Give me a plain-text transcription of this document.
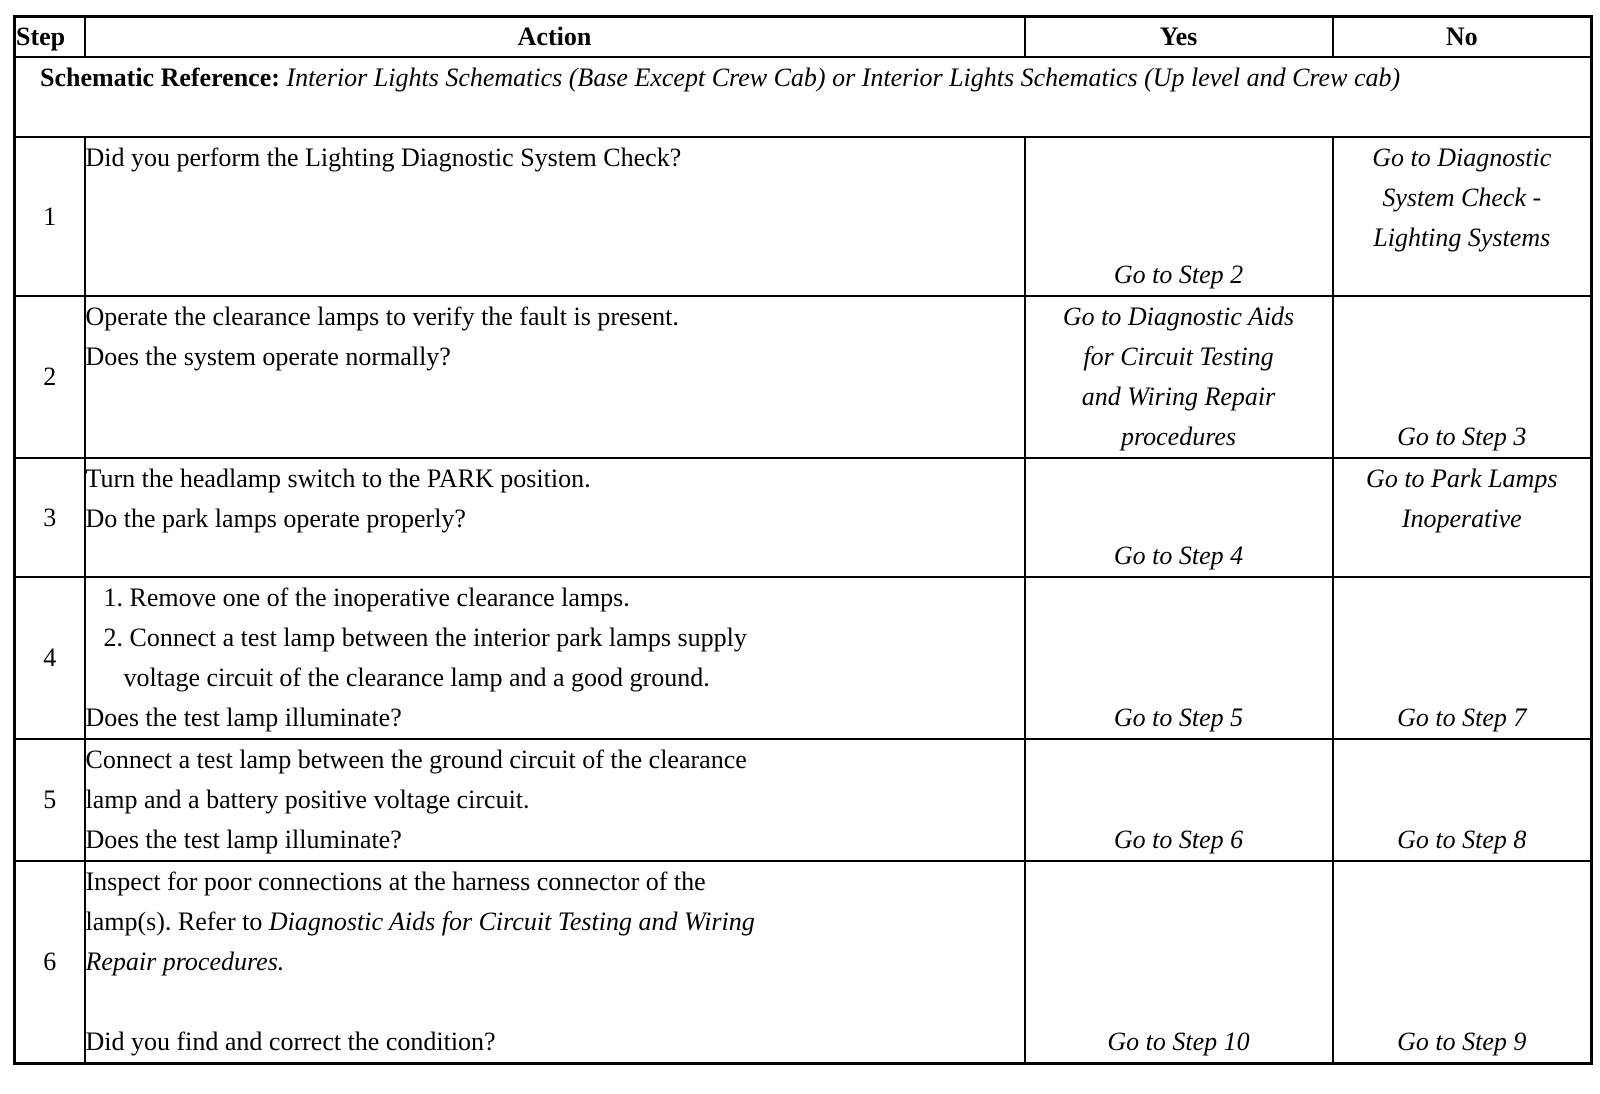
Step	Action	Yes	No
Schematic Reference: Interior Lights Schematics (Base Except Crew Cab) or Interior Lights Schematics (Up level and Crew cab)			
1	Did you perform the Lighting Diagnostic System Check?	Go to Step 2	Go to Diagnostic
System Check -
Lighting Systems

2	Operate the clearance lamps to verify the fault is present.
Does the system operate normally?	Go to Diagnostic Aids
for Circuit Testing
and Wiring Repair
procedures	Go to Step 3

3	Turn the headlamp switch to the PARK position.
Do the park lamps operate properly?	Go to Step 4	Go to Park Lamps
Inoperative

4	1. Remove one of the inoperative clearance lamps.
2. Connect a test lamp between the interior park lamps supply
voltage circuit of the clearance lamp and a good ground.
Does the test lamp illuminate?	Go to Step 5	Go to Step 7

5	Connect a test lamp between the ground circuit of the clearance
lamp and a battery positive voltage circuit.
Does the test lamp illuminate?	Go to Step 6	Go to Step 8

6	Inspect for poor connections at the harness connector of the
lamp(s). Refer to Diagnostic Aids for Circuit Testing and Wiring
Repair procedures.
Did you find and correct the condition?	Go to Step 10	Go to Step 9
